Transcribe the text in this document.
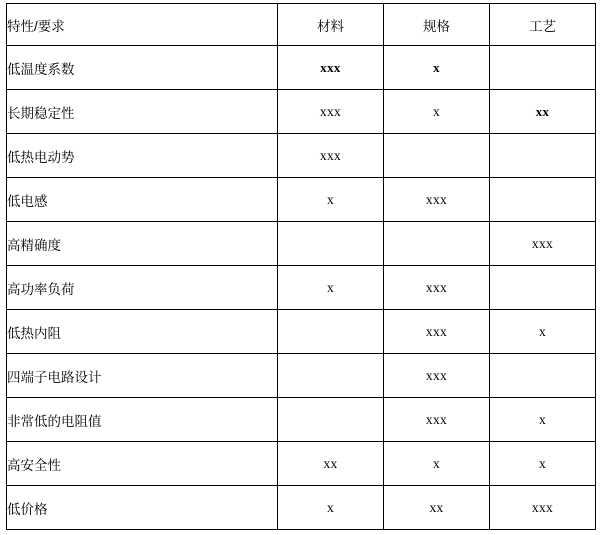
特性/要求	材料	规格	工艺
低温度系数	xxx	x	
长期稳定性	xxx	x	xx
低热电动势	xxx		
低电感	x	xxx	
高精确度			xxx
高功率负荷	x	xxx	
低热内阻		xxx	x
四端子电路设计		xxx	
非常低的电阻值		xxx	x
高安全性	xx	x	x
低价格	x	xx	xxx
